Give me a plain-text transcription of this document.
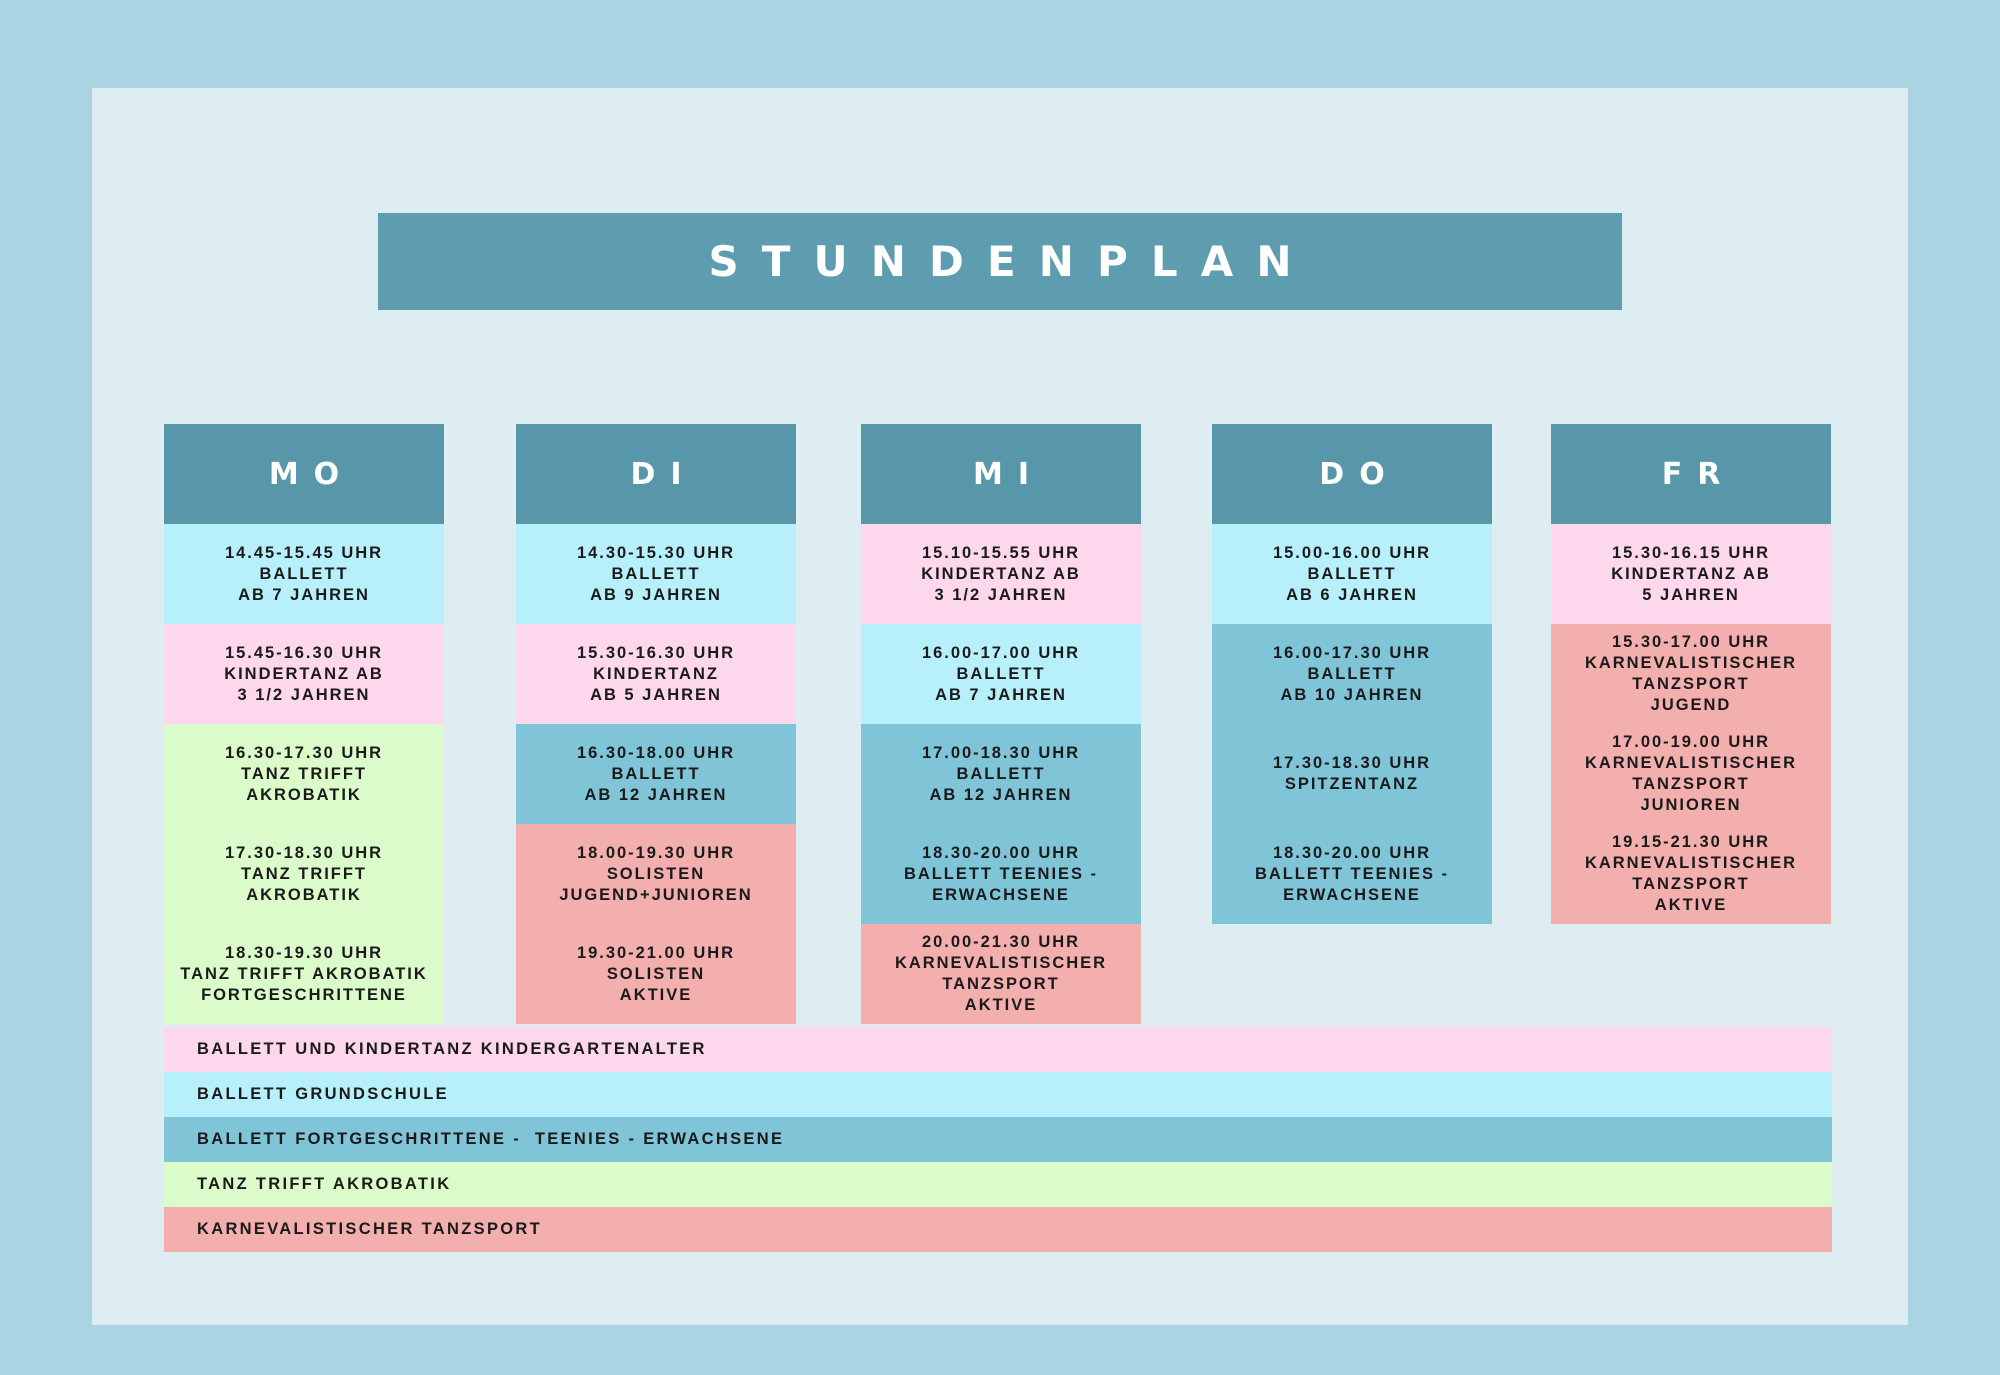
STUNDENPLAN
MO
14.45-15.45 UHR
BALLETT
AB 7 JAHREN
15.45-16.30 UHR
KINDERTANZ AB
3 1/2 JAHREN
16.30-17.30 UHR
TANZ TRIFFT
AKROBATIK
17.30-18.30 UHR
TANZ TRIFFT
AKROBATIK
18.30-19.30 UHR
TANZ TRIFFT AKROBATIK
FORTGESCHRITTENE
DI
14.30-15.30 UHR
BALLETT
AB 9 JAHREN
15.30-16.30 UHR
KINDERTANZ
AB 5 JAHREN
16.30-18.00 UHR
BALLETT
AB 12 JAHREN
18.00-19.30 UHR
SOLISTEN
JUGEND+JUNIOREN
19.30-21.00 UHR
SOLISTEN
AKTIVE
MI
15.10-15.55 UHR
KINDERTANZ AB
3 1/2 JAHREN
16.00-17.00 UHR
BALLETT
AB 7 JAHREN
17.00-18.30 UHR
BALLETT
AB 12 JAHREN
18.30-20.00 UHR
BALLETT TEENIES -
ERWACHSENE
20.00-21.30 UHR
KARNEVALISTISCHER
TANZSPORT
AKTIVE
DO
15.00-16.00 UHR
BALLETT
AB 6 JAHREN
16.00-17.30 UHR
BALLETT
AB 10 JAHREN
17.30-18.30 UHR
SPITZENTANZ
18.30-20.00 UHR
BALLETT TEENIES -
ERWACHSENE
FR
15.30-16.15 UHR
KINDERTANZ AB
5 JAHREN
15.30-17.00 UHR
KARNEVALISTISCHER
TANZSPORT
JUGEND
17.00-19.00 UHR
KARNEVALISTISCHER
TANZSPORT
JUNIOREN
19.15-21.30 UHR
KARNEVALISTISCHER
TANZSPORT
AKTIVE
BALLETT UND KINDERTANZ KINDERGARTENALTER
BALLETT GRUNDSCHULE
BALLETT FORTGESCHRITTENE -  TEENIES - ERWACHSENE
TANZ TRIFFT AKROBATIK
KARNEVALISTISCHER TANZSPORT
